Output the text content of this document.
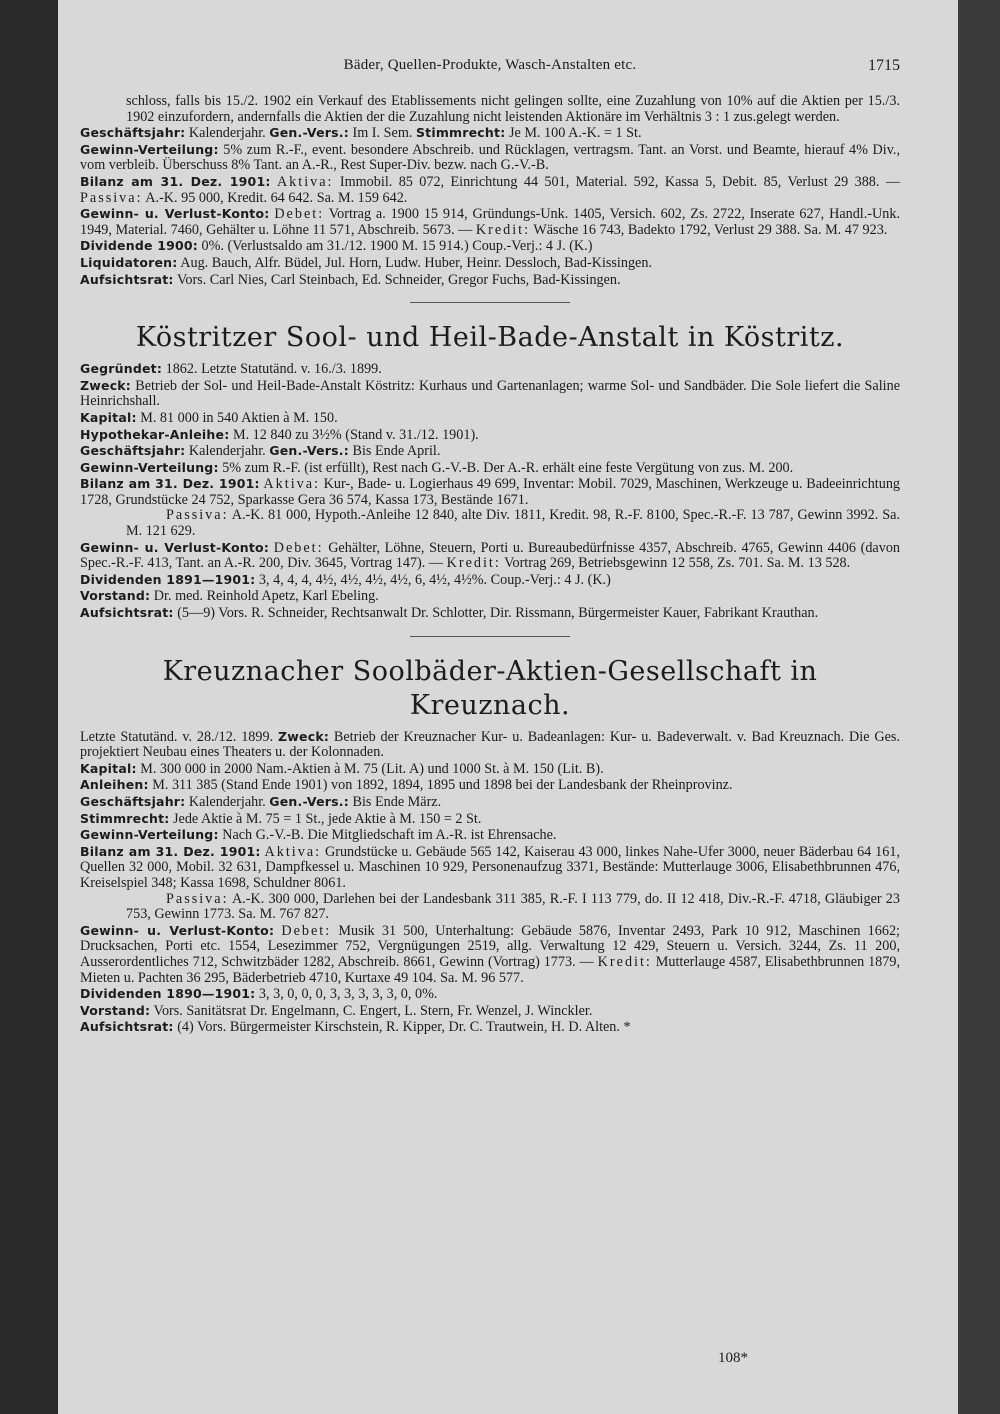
Bäder, Quellen-Produkte, Wasch-Anstalten etc.	1715

schloss, falls bis 15./2. 1902 ein Verkauf des Etablissements nicht gelingen sollte, eine Zuzahlung von 10% auf die Aktien per 15./3. 1902 einzufordern, andernfalls die Aktien der die Zuzahlung nicht leistenden Aktionäre im Verhältnis 3 : 1 zus.gelegt werden.

Geschäftsjahr: Kalenderjahr. Gen.-Vers.: Im I. Sem. Stimmrecht: Je M. 100 A.-K. = 1 St.

Gewinn-Verteilung: 5% zum R.-F., event. besondere Abschreib. und Rücklagen, vertragsm. Tant. an Vorst. und Beamte, hierauf 4% Div., vom verbleib. Überschuss 8% Tant. an A.-R., Rest Super-Div. bezw. nach G.-V.-B.

Bilanz am 31. Dez. 1901: Aktiva: Immobil. 85 072, Einrichtung 44 501, Material. 592, Kassa 5, Debit. 85, Verlust 29 388. — Passiva: A.-K. 95 000, Kredit. 64 642. Sa. M. 159 642.

Gewinn- u. Verlust-Konto: Debet: Vortrag a. 1900 15 914, Gründungs-Unk. 1405, Versich. 602, Zs. 2722, Inserate 627, Handl.-Unk. 1949, Material. 7460, Gehälter u. Löhne 11 571, Abschreib. 5673. — Kredit: Wäsche 16 743, Badekto 1792, Verlust 29 388. Sa. M. 47 923.

Dividende 1900: 0%. (Verlustsaldo am 31./12. 1900 M. 15 914.) Coup.-Verj.: 4 J. (K.)

Liquidatoren: Aug. Bauch, Alfr. Büdel, Jul. Horn, Ludw. Huber, Heinr. Dessloch, Bad-Kissingen.

Aufsichtsrat: Vors. Carl Nies, Carl Steinbach, Ed. Schneider, Gregor Fuchs, Bad-Kissingen.

Köstritzer Sool- und Heil-Bade-Anstalt in Köstritz.

Gegründet: 1862. Letzte Statutänd. v. 16./3. 1899.

Zweck: Betrieb der Sol- und Heil-Bade-Anstalt Köstritz: Kurhaus und Gartenanlagen; warme Sol- und Sandbäder. Die Sole liefert die Saline Heinrichshall.

Kapital: M. 81 000 in 540 Aktien à M. 150.

Hypothekar-Anleihe: M. 12 840 zu 3½% (Stand v. 31./12. 1901).

Geschäftsjahr: Kalenderjahr. Gen.-Vers.: Bis Ende April.

Gewinn-Verteilung: 5% zum R.-F. (ist erfüllt), Rest nach G.-V.-B. Der A.-R. erhält eine feste Vergütung von zus. M. 200.

Bilanz am 31. Dez. 1901: Aktiva: Kur-, Bade- u. Logierhaus 49 699, Inventar: Mobil. 7029, Maschinen, Werkzeuge u. Badeeinrichtung 1728, Grundstücke 24 752, Sparkasse Gera 36 574, Kassa 173, Bestände 1671.

Passiva: A.-K. 81 000, Hypoth.-Anleihe 12 840, alte Div. 1811, Kredit. 98, R.-F. 8100, Spec.-R.-F. 13 787, Gewinn 3992. Sa. M. 121 629.

Gewinn- u. Verlust-Konto: Debet: Gehälter, Löhne, Steuern, Porti u. Bureaubedürfnisse 4357, Abschreib. 4765, Gewinn 4406 (davon Spec.-R.-F. 413, Tant. an A.-R. 200, Div. 3645, Vortrag 147). — Kredit: Vortrag 269, Betriebsgewinn 12 558, Zs. 701. Sa. M. 13 528.

Dividenden 1891—1901: 3, 4, 4, 4, 4½, 4½, 4½, 4½, 6, 4½, 4½%. Coup.-Verj.: 4 J. (K.)

Vorstand: Dr. med. Reinhold Apetz, Karl Ebeling.

Aufsichtsrat: (5—9) Vors. R. Schneider, Rechtsanwalt Dr. Schlotter, Dir. Rissmann, Bürgermeister Kauer, Fabrikant Krauthan.

Kreuznacher Soolbäder-Aktien-Gesellschaft in Kreuznach.

Letzte Statutänd. v. 28./12. 1899. Zweck: Betrieb der Kreuznacher Kur- u. Badeanlagen: Kur- u. Badeverwalt. v. Bad Kreuznach. Die Ges. projektiert Neubau eines Theaters u. der Kolonnaden.

Kapital: M. 300 000 in 2000 Nam.-Aktien à M. 75 (Lit. A) und 1000 St. à M. 150 (Lit. B).

Anleihen: M. 311 385 (Stand Ende 1901) von 1892, 1894, 1895 und 1898 bei der Landesbank der Rheinprovinz.

Geschäftsjahr: Kalenderjahr. Gen.-Vers.: Bis Ende März.

Stimmrecht: Jede Aktie à M. 75 = 1 St., jede Aktie à M. 150 = 2 St.

Gewinn-Verteilung: Nach G.-V.-B. Die Mitgliedschaft im A.-R. ist Ehrensache.

Bilanz am 31. Dez. 1901: Aktiva: Grundstücke u. Gebäude 565 142, Kaiserau 43 000, linkes Nahe-Ufer 3000, neuer Bäderbau 64 161, Quellen 32 000, Mobil. 32 631, Dampfkessel u. Maschinen 10 929, Personenaufzug 3371, Bestände: Mutterlauge 3006, Elisabethbrunnen 476, Kreiselspiel 348; Kassa 1698, Schuldner 8061.

Passiva: A.-K. 300 000, Darlehen bei der Landesbank 311 385, R.-F. I 113 779, do. II 12 418, Div.-R.-F. 4718, Gläubiger 23 753, Gewinn 1773. Sa. M. 767 827.

Gewinn- u. Verlust-Konto: Debet: Musik 31 500, Unterhaltung: Gebäude 5876, Inventar 2493, Park 10 912, Maschinen 1662; Drucksachen, Porti etc. 1554, Lesezimmer 752, Vergnügungen 2519, allg. Verwaltung 12 429, Steuern u. Versich. 3244, Zs. 11 200, Ausserordentliches 712, Schwitzbäder 1282, Abschreib. 8661, Gewinn (Vortrag) 1773. — Kredit: Mutterlauge 4587, Elisabethbrunnen 1879, Mieten u. Pachten 36 295, Bäderbetrieb 4710, Kurtaxe 49 104. Sa. M. 96 577.

Dividenden 1890—1901: 3, 3, 0, 0, 0, 3, 3, 3, 3, 3, 0, 0%.

Vorstand: Vors. Sanitätsrat Dr. Engelmann, C. Engert, L. Stern, Fr. Wenzel, J. Winckler.

Aufsichtsrat: (4) Vors. Bürgermeister Kirschstein, R. Kipper, Dr. C. Trautwein, H. D. Alten. *

108*
